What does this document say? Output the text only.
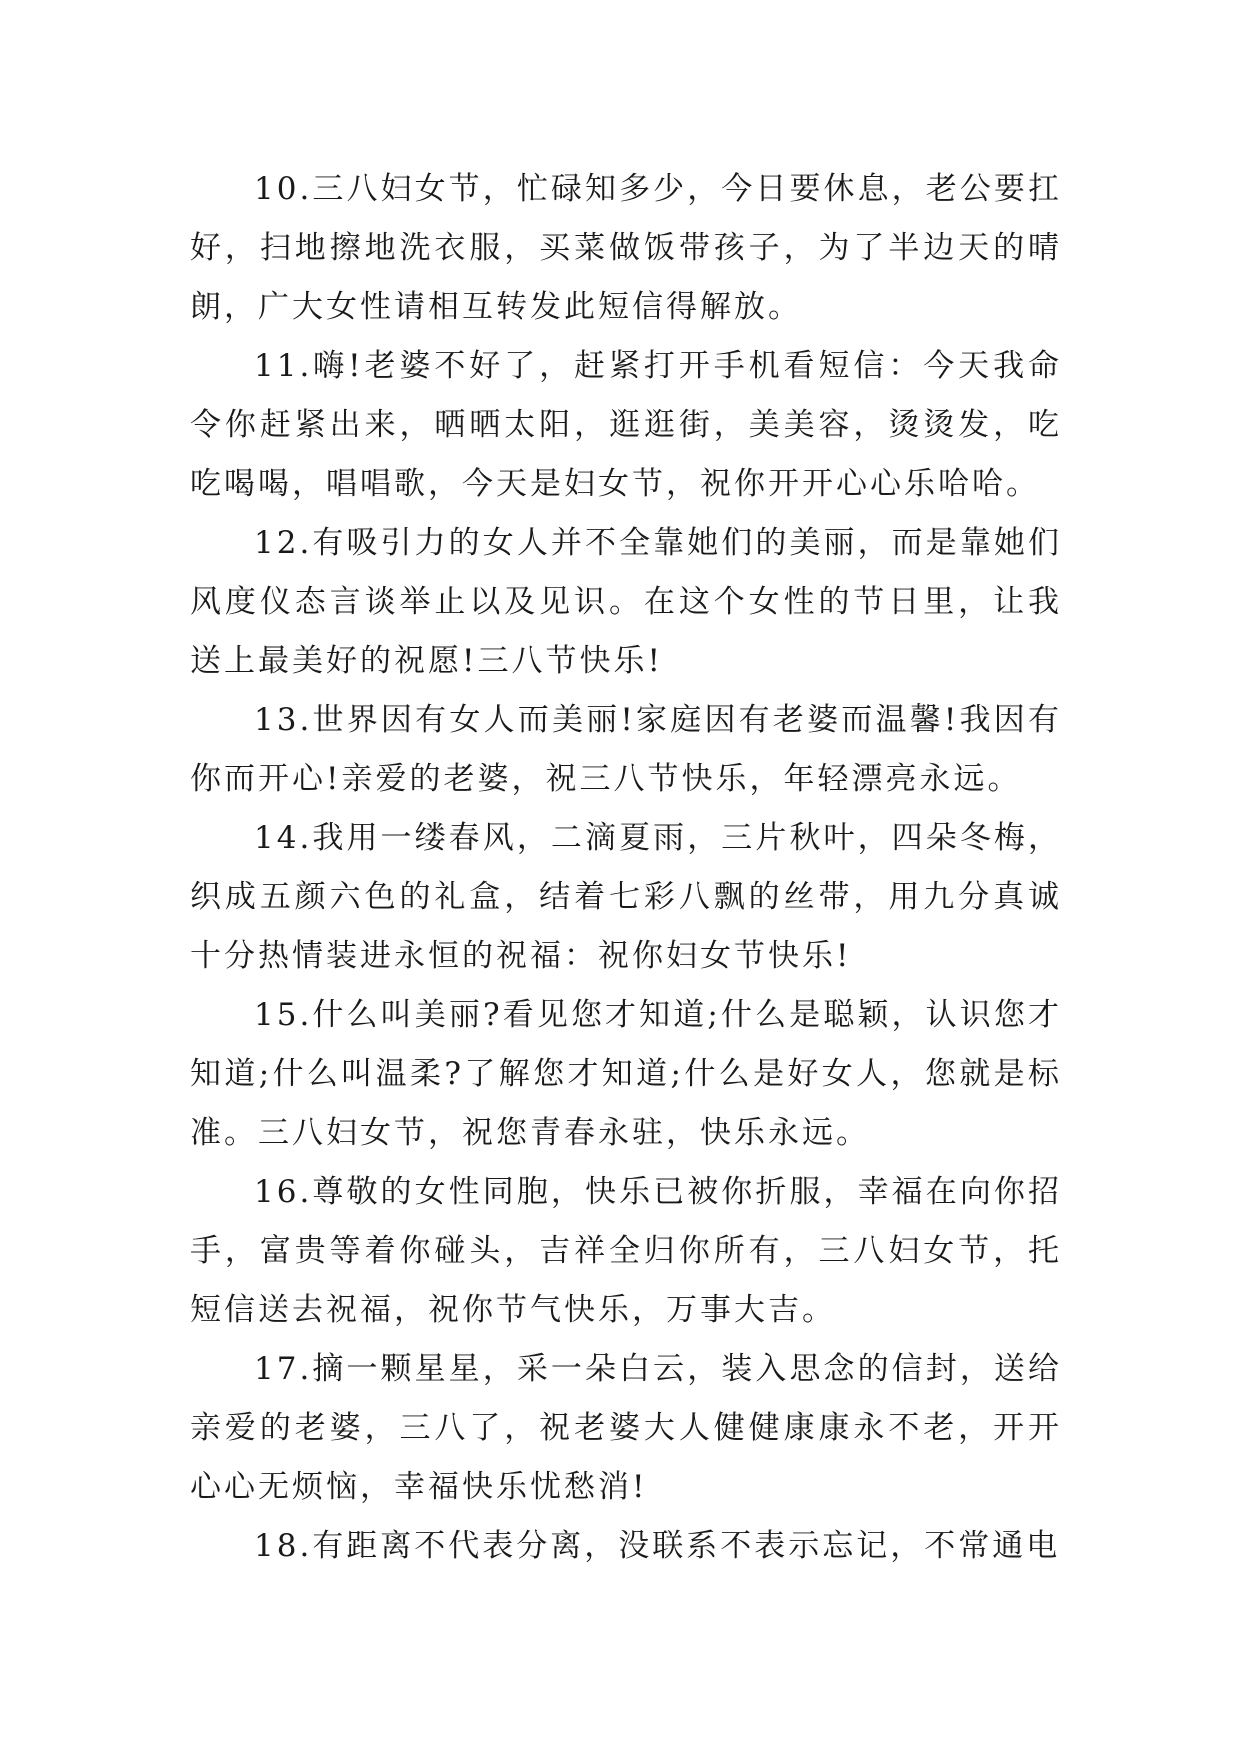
10.三八妇女节，忙碌知多少，今日要休息，老公要扛好，扫地擦地洗衣服，买菜做饭带孩子，为了半边天的晴朗，广大女性请相互转发此短信得解放。

11.嗨!老婆不好了，赶紧打开手机看短信：今天我命令你赶紧出来，晒晒太阳，逛逛街，美美容，烫烫发，吃吃喝喝，唱唱歌，今天是妇女节，祝你开开心心乐哈哈。

12.有吸引力的女人并不全靠她们的美丽，而是靠她们风度仪态言谈举止以及见识。在这个女性的节日里，让我送上最美好的祝愿!三八节快乐!

13.世界因有女人而美丽!家庭因有老婆而温馨!我因有你而开心!亲爱的老婆，祝三八节快乐，年轻漂亮永远。

14.我用一缕春风，二滴夏雨，三片秋叶，四朵冬梅，织成五颜六色的礼盒，结着七彩八飘的丝带，用九分真诚十分热情装进永恒的祝福：祝你妇女节快乐!

15.什么叫美丽?看见您才知道;什么是聪颖，认识您才知道;什么叫温柔?了解您才知道;什么是好女人，您就是标准。三八妇女节，祝您青春永驻，快乐永远。

16.尊敬的女性同胞，快乐已被你折服，幸福在向你招手，富贵等着你碰头，吉祥全归你所有，三八妇女节，托短信送去祝福，祝你节气快乐，万事大吉。

17.摘一颗星星，采一朵白云，装入思念的信封，送给亲爱的老婆，三八了，祝老婆大人健健康康永不老，开开心心无烦恼，幸福快乐忧愁消!

18.有距离不代表分离，没联系不表示忘记，不常通电
